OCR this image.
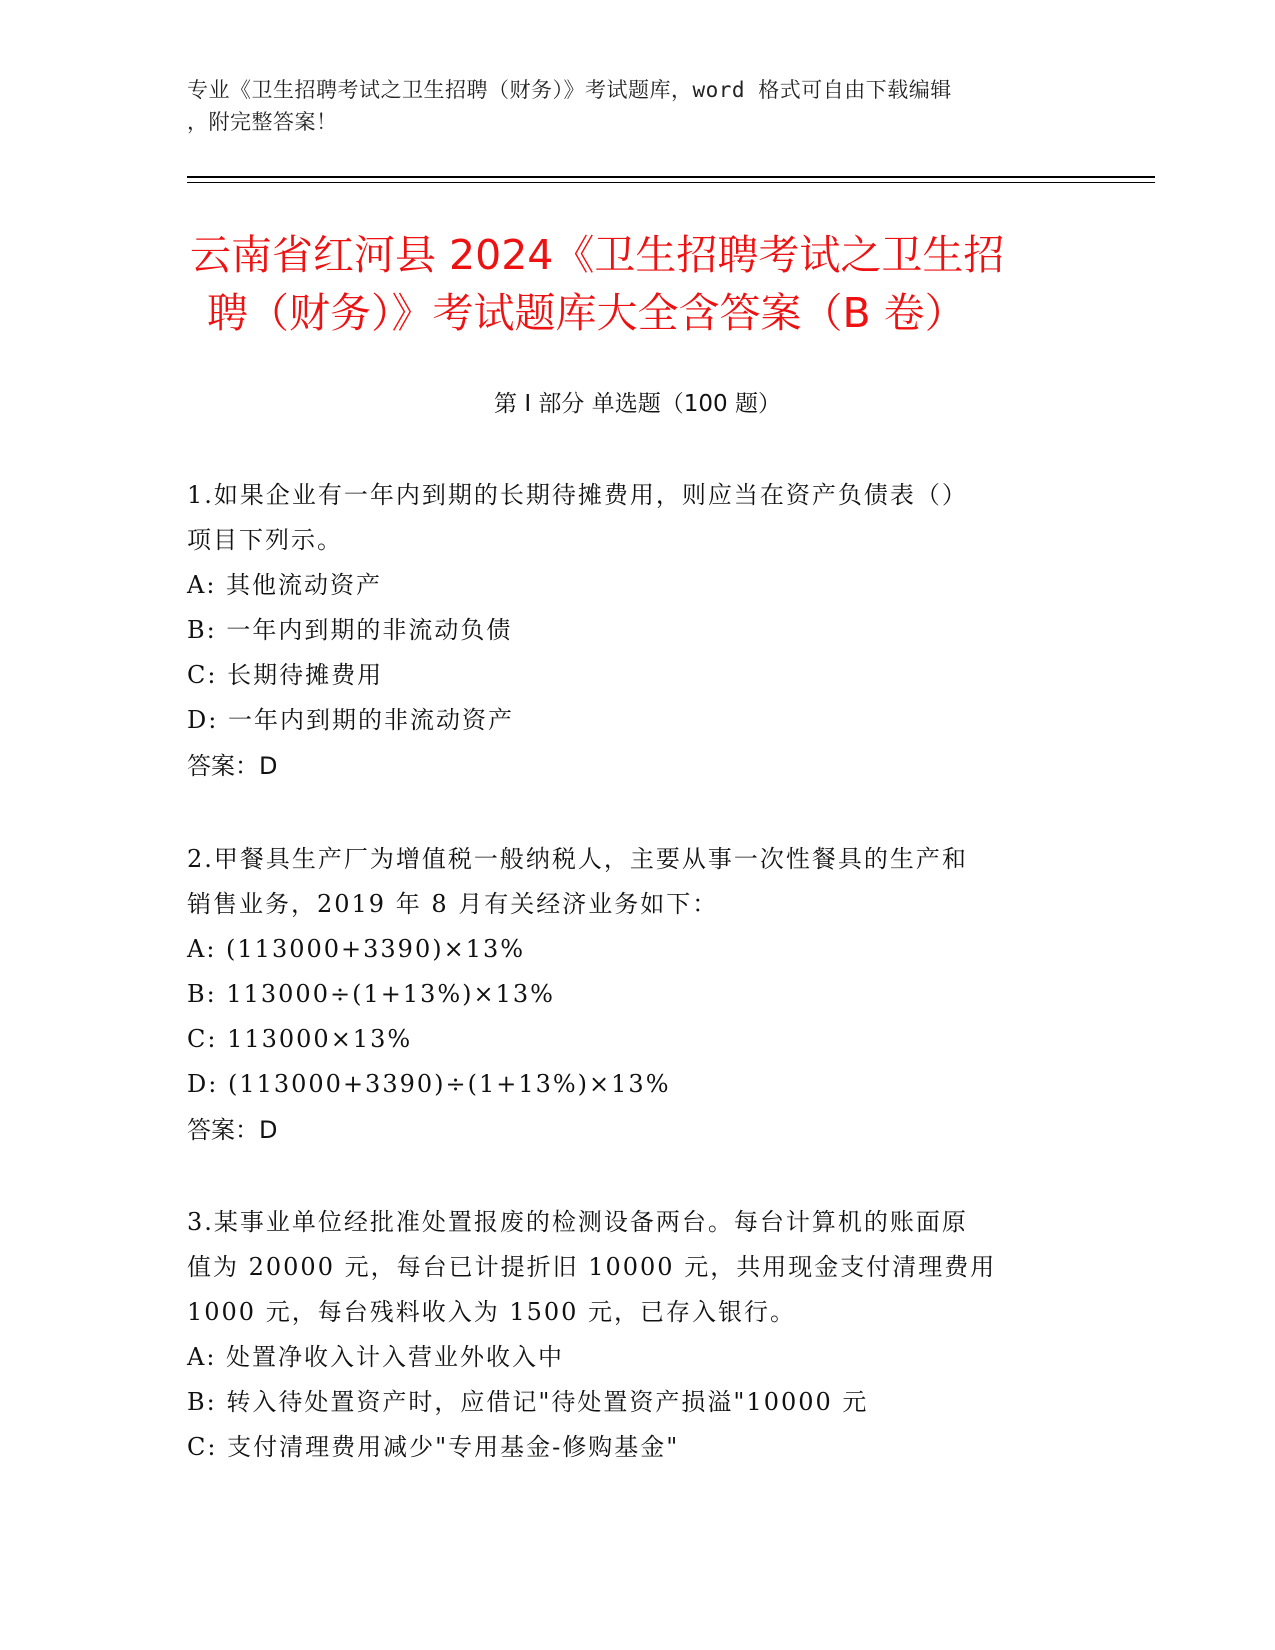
专业《卫生招聘考试之卫生招聘（财务）》考试题库，word 格式可自由下载编辑
，附完整答案！
云南省红河县 2024《卫生招聘考试之卫生招
聘（财务）》考试题库大全含答案（B 卷）
第 I 部分 单选题（100 题）

1.如果企业有一年内到期的长期待摊费用，则应当在资产负债表（）

项目下列示。

A: 其他流动资产

B: 一年内到期的非流动负债

C: 长期待摊费用

D: 一年内到期的非流动资产

答案：D

2.甲餐具生产厂为增值税一般纳税人，主要从事一次性餐具的生产和

销售业务，2019 年 8 月有关经济业务如下：

A: (113000+3390)×13%

B: 113000÷(1+13%)×13%

C: 113000×13%

D: (113000+3390)÷(1+13%)×13%

答案：D

3.某事业单位经批准处置报废的检测设备两台。每台计算机的账面原

值为 20000 元，每台已计提折旧 10000 元，共用现金支付清理费用

1000 元，每台残料收入为 1500 元，已存入银行。

A: 处置净收入计入营业外收入中

B: 转入待处置资产时，应借记"待处置资产损溢"10000 元

C: 支付清理费用减少"专用基金-修购基金"
